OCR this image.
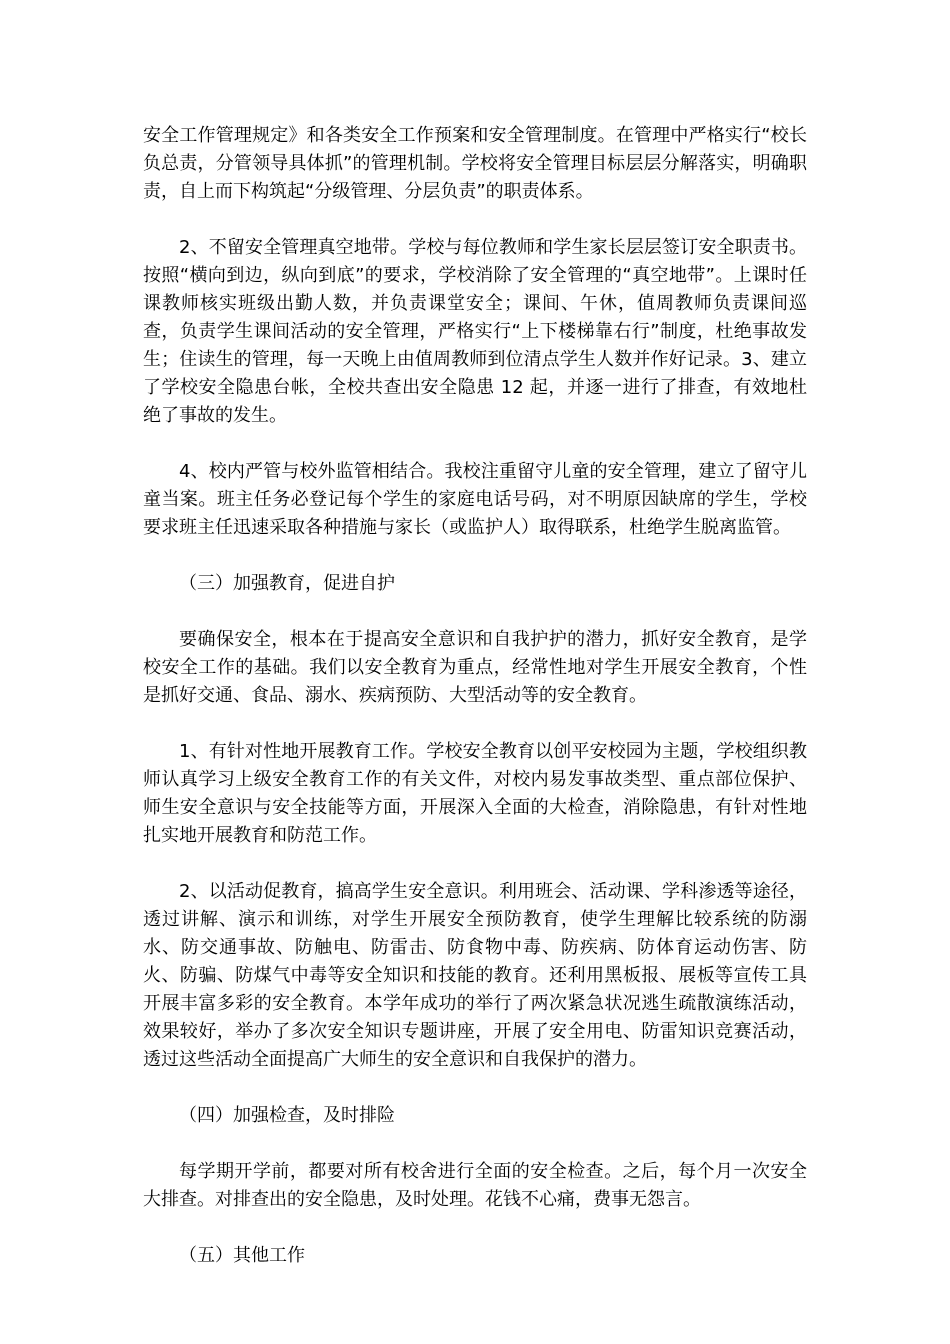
安全工作管理规定》和各类安全工作预案和安全管理制度。在管理中严格实行“校长负总责，分管领导具体抓”的管理机制。学校将安全管理目标层层分解落实，明确职责，自上而下构筑起“分级管理、分层负责”的职责体系。

2、不留安全管理真空地带。学校与每位教师和学生家长层层签订安全职责书。按照“横向到边，纵向到底”的要求，学校消除了安全管理的“真空地带”。上课时任课教师核实班级出勤人数，并负责课堂安全；课间、午休，值周教师负责课间巡查，负责学生课间活动的安全管理，严格实行“上下楼梯靠右行”制度，杜绝事故发生；住读生的管理，每一天晚上由值周教师到位清点学生人数并作好记录。3、建立了学校安全隐患台帐，全校共查出安全隐患 12 起，并逐一进行了排查，有效地杜绝了事故的发生。

4、校内严管与校外监管相结合。我校注重留守儿童的安全管理，建立了留守儿童当案。班主任务必登记每个学生的家庭电话号码，对不明原因缺席的学生，学校要求班主任迅速采取各种措施与家长（或监护人）取得联系，杜绝学生脱离监管。

（三）加强教育，促进自护

要确保安全，根本在于提高安全意识和自我护护的潜力，抓好安全教育，是学校安全工作的基础。我们以安全教育为重点，经常性地对学生开展安全教育，个性是抓好交通、食品、溺水、疾病预防、大型活动等的安全教育。

1、有针对性地开展教育工作。学校安全教育以创平安校园为主题，学校组织教师认真学习上级安全教育工作的有关文件，对校内易发事故类型、重点部位保护、师生安全意识与安全技能等方面，开展深入全面的大检查，消除隐患，有针对性地扎实地开展教育和防范工作。

2、以活动促教育，搞高学生安全意识。利用班会、活动课、学科渗透等途径，透过讲解、演示和训练，对学生开展安全预防教育，使学生理解比较系统的防溺水、防交通事故、防触电、防雷击、防食物中毒、防疾病、防体育运动伤害、防火、防骗、防煤气中毒等安全知识和技能的教育。还利用黑板报、展板等宣传工具开展丰富多彩的安全教育。本学年成功的举行了两次紧急状况逃生疏散演练活动，效果较好，举办了多次安全知识专题讲座，开展了安全用电、防雷知识竞赛活动，透过这些活动全面提高广大师生的安全意识和自我保护的潜力。

（四）加强检查，及时排险

每学期开学前，都要对所有校舍进行全面的安全检查。之后，每个月一次安全大排查。对排查出的安全隐患，及时处理。花钱不心痛，费事无怨言。

（五）其他工作
